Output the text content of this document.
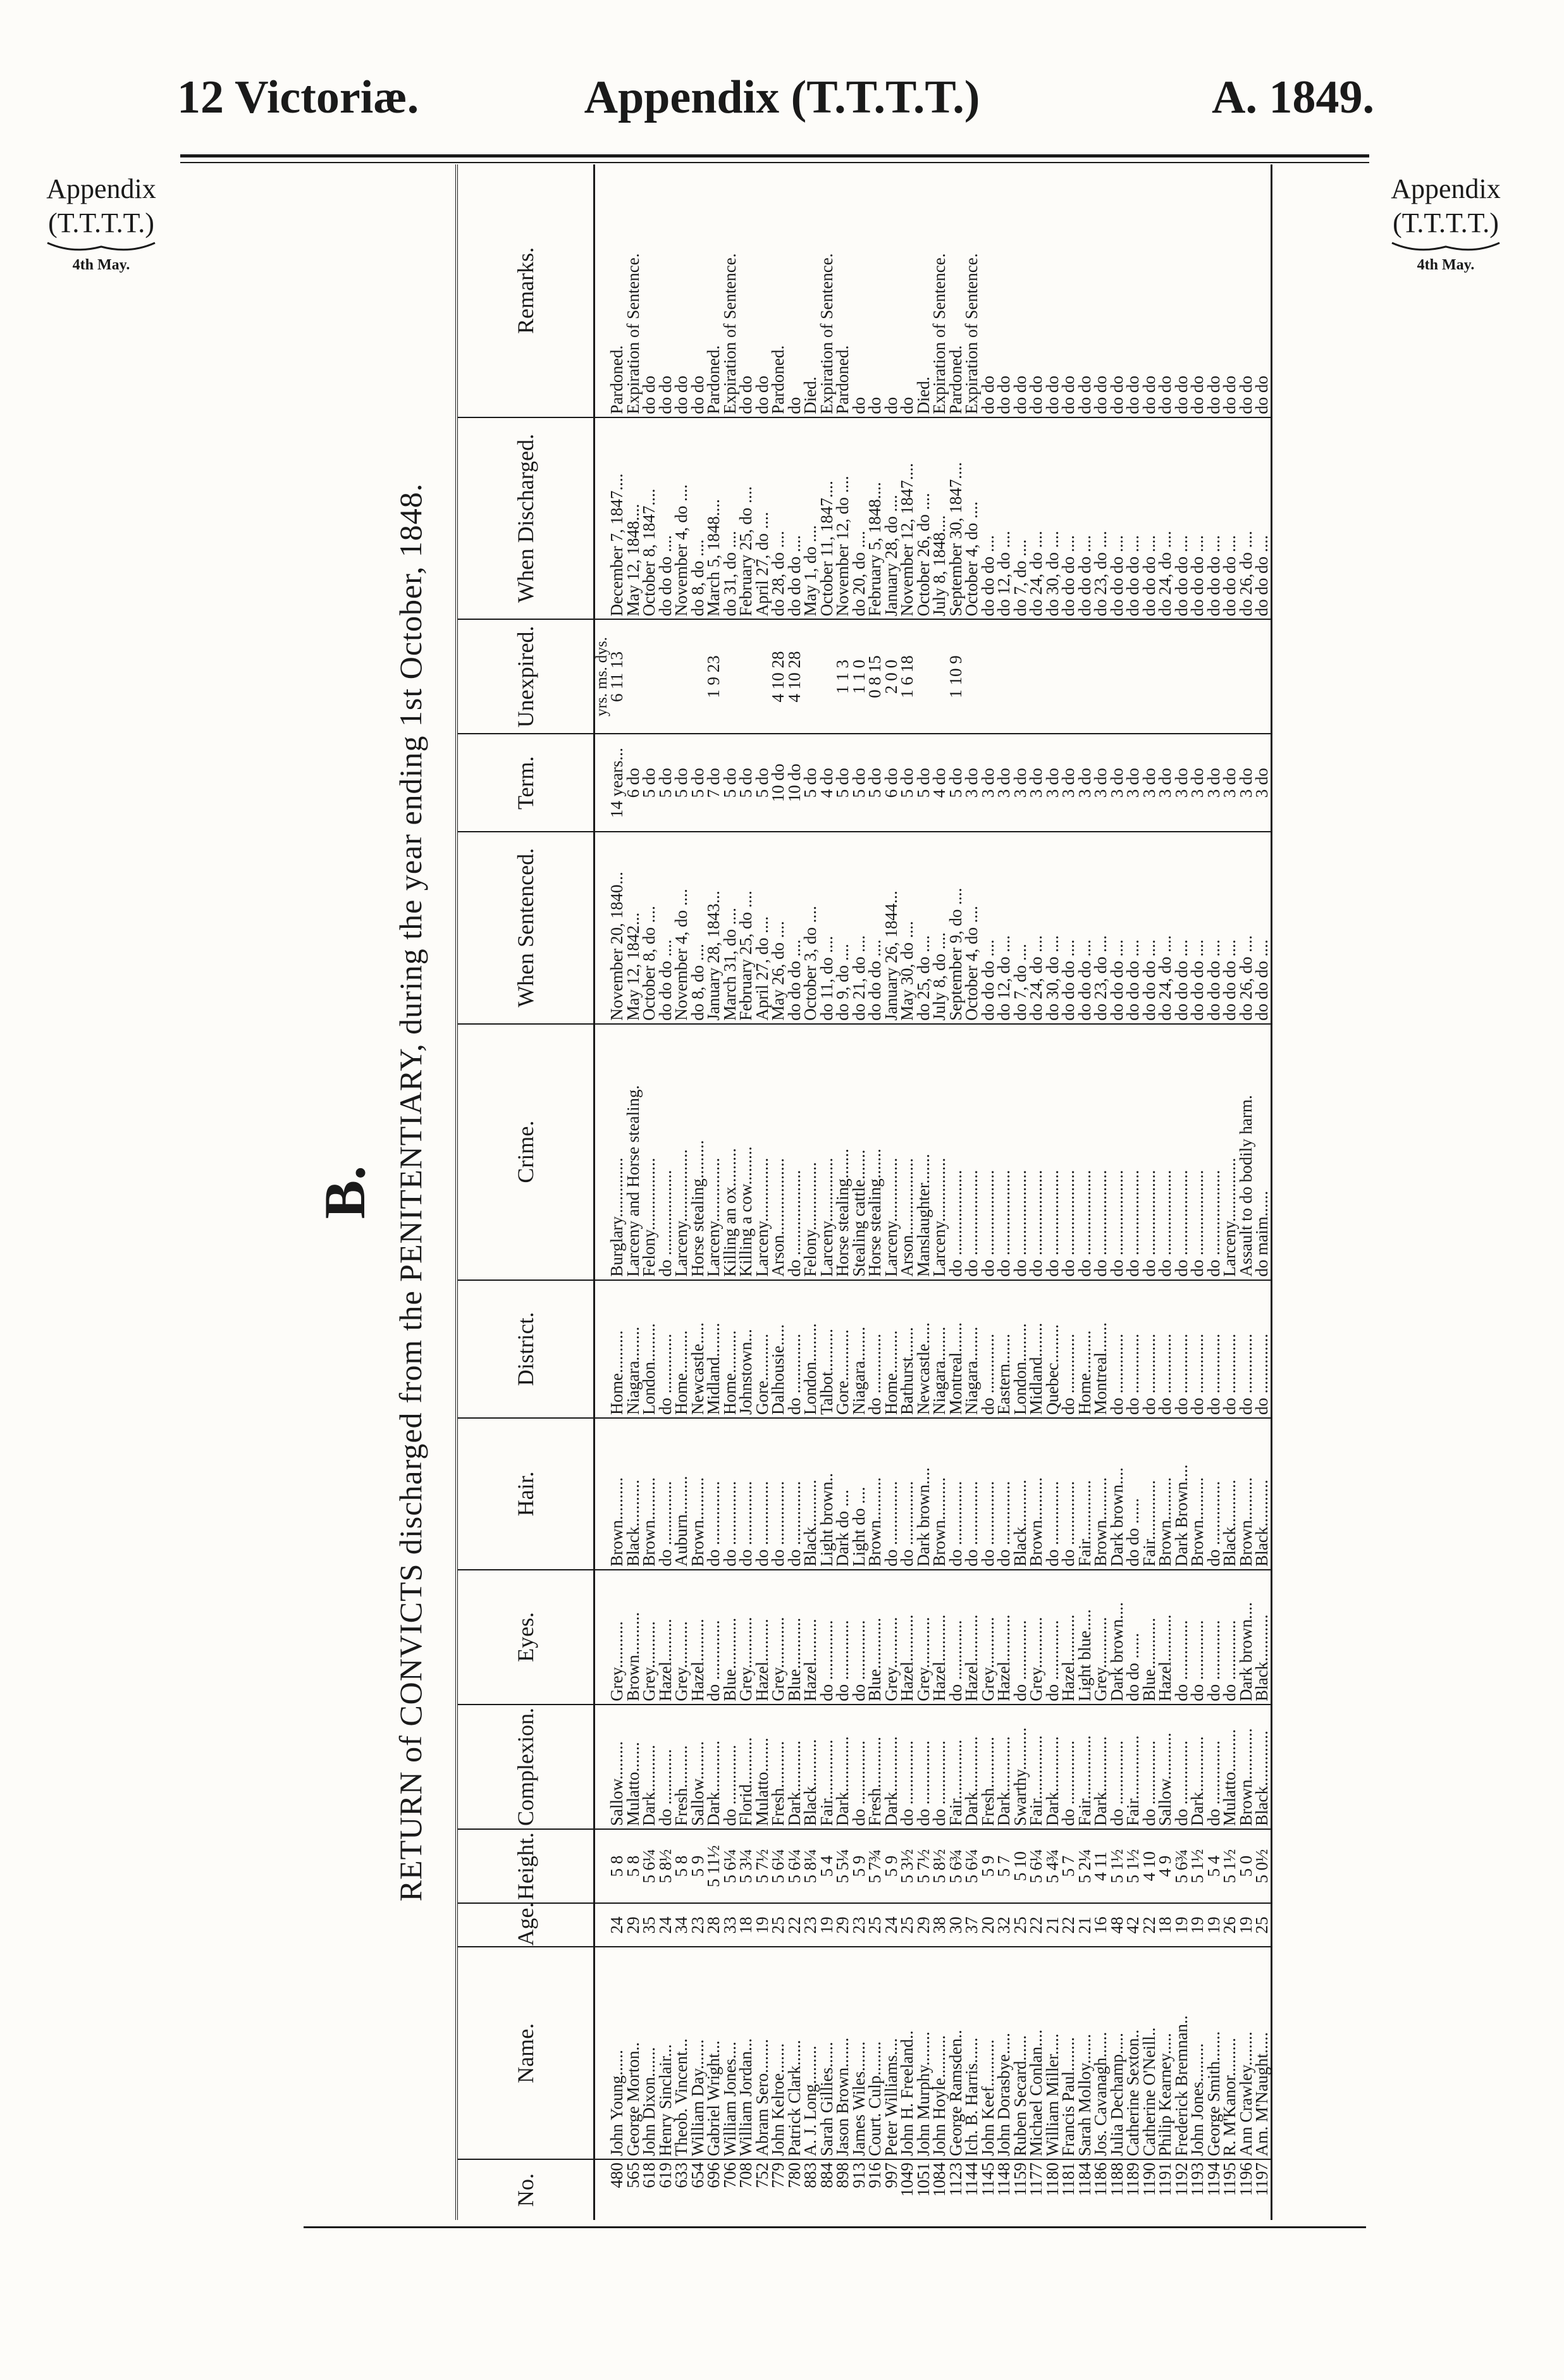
12 Victoriæ.	Appendix (T.T.T.T.)	A. 1849.
Appendix
(T.T.T.T.)
4th May.
Appendix
(T.T.T.T.)
4th May.
B. RETURN of CONVICTS discharged from the PENITENTIARY, during the year ending 1st October, 1848.
No.	Name.	Age.	Height.	Complexion.	Eyes.	Hair.	District.	Crime.	When Sentenced.	Term.	Unexpired.	When Discharged.	Remarks.
											yrs. ms. dys.		
480	John Young......	24	5 8	Sallow.........	Grey...........	Brown..........	Home..........	Burglary..............	November 20, 1840...	14 years...	6 11 13	December 7, 1847....	Pardoned.
565	George Morton..	29	5 8	Mulatto.......	Brown..........	Black...........	Niagara........	Larceny and Horse stealing.	May 12, 1842...	6 do		May 12, 1848....	Expiration of Sentence.
618	John Dixon.......	35	5 6¼	Dark...........	Grey...........	Brown..........	London.........	Felony.................	October 8, do ....	5 do		October 8, 1847....	do do
619	Henry Sinclair...	24	5 8½	do .............	Hazel..........	do ...............	do ..............	do ....................	do do do ....	5 do		do do do ....	do do
633	Theob. Vincent...	34	5 8	Fresh..........	Grey...........	Auburn.........	Home..........	Larceny.................	November 4, do ....	5 do		November 4, do ....	do do
654	William Day.......	23	5 9	Sallow.........	Hazel..........	Brown..........	Newcastle.....	Horse stealing.........	do 8, do ....	5 do		do 8, do ....	do do
696	Gabriel Wright...	28	5 11½	Dark............	do ..............	do ...............	Midland........	Larceny...............	January 28, 1843...	7 do	1 9 23	March 5, 1848....	Pardoned.
706	William Jones....	33	5 6¼	do ..............	Blue............	do ...............	Home..........	Killing an ox.........	March 31, do ....	5 do		do 31, do ....	Expiration of Sentence.
708	William Jordan...	18	5 3¼	Florid...........	Grey............	do ...............	Johnstown...	Killing a cow.........	February 25, do ....	5 do		February 25, do ....	do do
752	Abram Sero........	19	5 7½	Mulatto........	Hazel..........	do ...............	Gore...........	Larceny...............	April 27, do ....	5 do		April 27, do ....	do do
779	John Kelroe.......	25	5 6¼	Fresh...........	Grey............	do ...............	Dalhousie.....	Arson..................	May 26, do ....	10 do	4 10 28	do 28, do ....	Pardoned.
780	Patrick Clark......	22	5 6¼	Dark............	Blue............	do ...............	do ..............	do ....................	do do do ....	10 do	4 10 28	do do do ....	do
883	A. J. Long.........	23	5 8¼	Black...........	Hazel..........	Black...........	London.........	Felony................	October 3, do ....	5 do		May 1, do ....	Died.
884	Sarah Gillies......	19	5 4	Fair..............	do ..............	Light brown..	Talbot..........	Larceny...............	do 11, do ....	4 do		October 11, 1847....	Expiration of Sentence.
898	Jason Brown.......	29	5 5¼	Dark.............	do ..............	Dark do ....	Gore............	Horse stealing.......	do 9, do ....	5 do	1 1 3	November 12, do ....	Pardoned.
913	James Wiles.......	23	5 9	do ...............	do ..............	Light do ....	Niagara........	Stealing cattle.......	do 21, do ....	5 do	1 1 0	do 20, do ....	do
916	Court. Culp........	25	5 7¾	Fresh............	Blue............	Brown..........	do ..............	Horse stealing.......	do do do ....	5 do	0 8 15	February 5, 1848....	do
997	Peter Williams....	24	5 9	Dark.............	Grey............	do ...............	Home..........	Larceny...............	January 26, 1844...	6 do	2 0 0	January 28, do ....	do
1049	John H. Freeland..	25	5 3½	do ...............	Hazel...........	do ...............	Bathurst.......	Arson..................	May 30, do ....	5 do	1 6 18	November 12, 1847....	do
1051	John Murphy........	29	5 7½	do ...............	Grey............	Dark brown....	Newcastle.....	Manslaughter.......	do 25, do ....	5 do		October 26, do ....	Died.
1084	John Hoyle..........	38	5 8½	do ...............	Hazel...........	Brown..........	Niagara........	Larceny...............	July 8, do ....	4 do		July 8, 1848....	Expiration of Sentence.
1123	George Ramsden..	30	5 6¾	Fair..............	do ..............	do ...............	Montreal.......	do ....................	September 9, do ....	5 do	1 10 9	September 30, 1847....	Pardoned.
1144	Ich. B. Harris......	37	5 6¼	Dark.............	Hazel...........	do ...............	Niagara........	do ....................	October 4, do ....	3 do		October 4, do ....	Expiration of Sentence.
1145	John Keef...........	20	5 9	Fresh............	Grey............	do ...............	do ..............	do ....................	do do do ....	3 do		do do do ....	do do
1148	John Dorasbye.....	32	5 7	Dark.............	Hazel...........	do ...............	Eastern.......	do ....................	do 12, do ....	3 do		do 12, do ....	do do
1159	Ruben Secard......	25	5 10	Swarthy..........	do ..............	Black...........	London.........	do ....................	do 7, do ....	3 do		do 7, do ....	do do
1177	Michael Conlan....	22	5 6¼	Fair...............	Grey............	Brown..........	Midland........	do ....................	do 24, do ....	3 do		do 24, do ....	do do
1180	William Miller.....	21	5 4¾	Dark.............	do ..............	do ...............	Quebec.........	do ....................	do 30, do ....	3 do		do 30, do ....	do do
1181	Francis Paul........	22	5 7	do ...............	Hazel...........	do ...............	do ..............	do ....................	do do do ....	3 do		do do do ....	do do
1184	Sarah Molloy.......	21	5 2¼	Fair...............	Light blue.....	Fair..............	Home..........	do ....................	do do do ....	3 do		do do do ....	do do
1186	Jos. Cavanagh......	16	4 11	Dark.............	Grey............	Brown..........	Montreal.......	do ....................	do 23, do ....	3 do		do 23, do ....	do do
1188	Julia Dechamp.....	48	5 1½	do ...............	Dark brown....	Dark brown....	do ..............	do ....................	do do do ....	3 do		do do do ....	do do
1189	Catherine Sexton..	42	5 1½	Fair...............	do do ......	do do ......	do ..............	do ....................	do do do ....	3 do		do do do ....	do do
1190	Catherine O'Neill..	22	4 10	do ...............	Blue............	Fair..............	do ..............	do ....................	do do do ....	3 do		do do do ....	do do
1191	Philip Kearney.....	18	4 9	Sallow...........	Hazel...........	Brown..........	do ..............	do ....................	do 24, do ....	3 do		do 24, do ....	do do
1192	Frederick Bremnan..	19	5 6¾	do ...............	do ..............	Dark Brown....	do ..............	do ....................	do do do ....	3 do		do do do ....	do do
1193	John Jones.........	19	5 1½	Dark.............	do ..............	Brown..........	do ..............	do ....................	do do do ....	3 do		do do do ....	do do
1194	George Smith.......	19	5 4	do ...............	do ..............	do ...............	do ..............	do ....................	do do do ....	3 do		do do do ....	do do
1195	R. M'Kanor.........	26	5 1½	Mulatto..........	do ..............	Black...........	do ..............	Larceny...............	do do do ....	3 do		do do do ....	do do
1196	Ann Crawley........	19	5 0	Brown............	Dark brown....	Brown..........	do ..............	Assault to do bodily harm.	do 26, do ....	3 do		do 26, do ....	do do
1197	Am. M'Naught.....	25	5 0½	Black.............	Black...........	Black...........	do ..............	do maim......	do do do ....	3 do		do do do ....	do do
